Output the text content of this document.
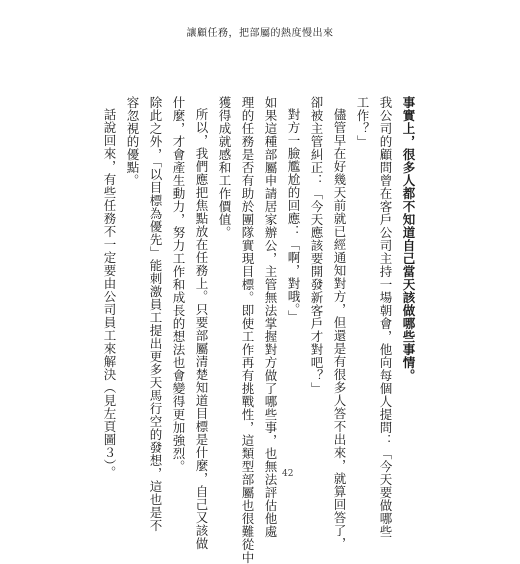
讓顧任務，把部屬的熱度慢出來
事實上，很多人都不知道自己當天該做哪些事情。
我公司的顧問曾在客戶公司主持一場朝會，他向每個人提問：「今天要做哪些
工作？」
儘管早在好幾天前就已經通知對方，但還是有很多人答不出來，就算回答了，
卻被主管糾正：「今天應該要開發新客戶才對吧？」
對方一臉尷尬的回應：「啊，對哦。」
如果這種部屬申請居家辦公，主管無法掌握對方做了哪些事，也無法評估他處
理的任務是否有助於團隊實現目標。即使工作再有挑戰性，這類型部屬也很難從中
獲得成就感和工作價值。
所以，我們應把焦點放在任務上。只要部屬清楚知道目標是什麼，自己又該做
什麼，才會產生動力，努力工作和成長的想法也會變得更加強烈。
除此之外，「以目標為優先」能刺激員工提出更多天馬行空的發想，這也是不
容忽視的優點。
話說回來，有些任務不一定要由公司員工來解決（見左頁圖３）。	42
